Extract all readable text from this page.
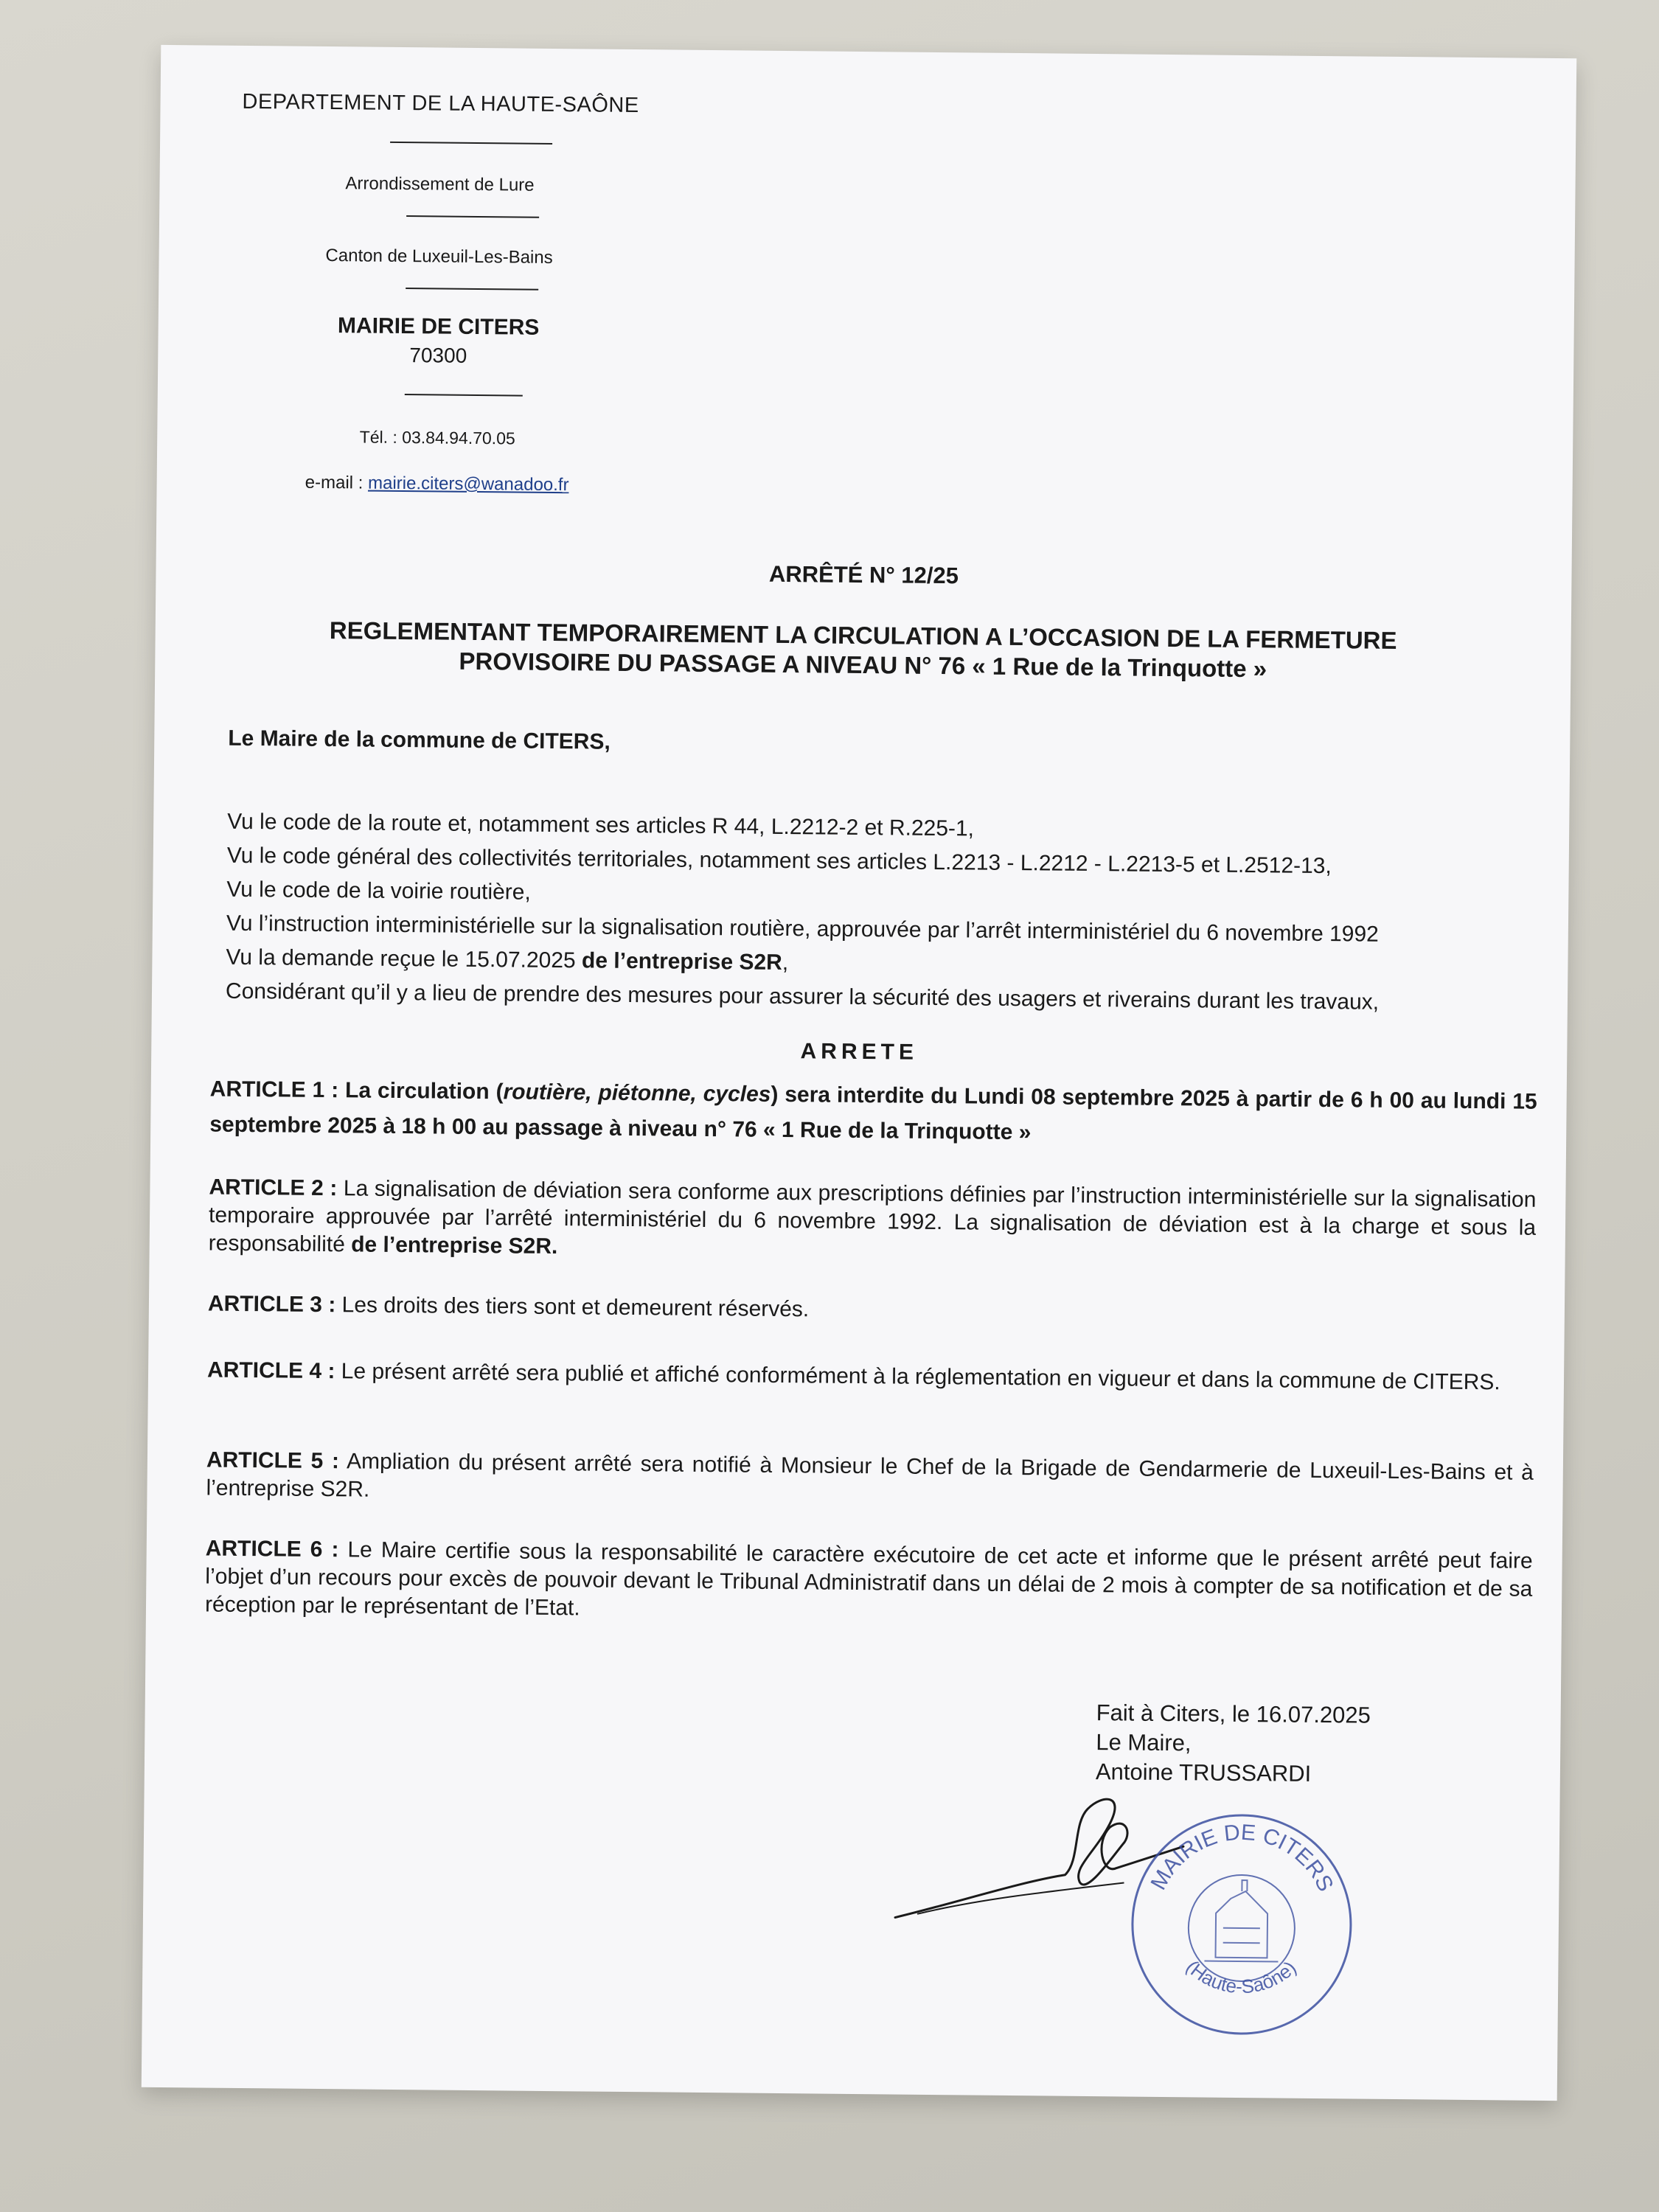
DEPARTEMENT DE LA HAUTE-SAÔNE
Arrondissement de Lure
Canton de Luxeuil-Les-Bains
MAIRIE DE CITERS
70300
Tél. : 03.84.94.70.05
e-mail : mairie.citers@wanadoo.fr
ARRÊTÉ N° 12/25
REGLEMENTANT TEMPORAIREMENT LA CIRCULATION A L’OCCASION DE LA FERMETURE
PROVISOIRE DU PASSAGE A NIVEAU N° 76 « 1 Rue de la Trinquotte »
Le Maire de la commune de CITERS,
Vu le code de la route et, notamment ses articles R 44, L.2212-2 et R.225-1,
Vu le code général des collectivités territoriales, notamment ses articles L.2213 - L.2212 - L.2213-5 et L.2512-13,
Vu le code de la voirie routière,
Vu l’instruction interministérielle sur la signalisation routière, approuvée par l’arrêt interministériel du 6 novembre 1992
Vu la demande reçue le 15.07.2025 de l’entreprise S2R,
Considérant qu’il y a lieu de prendre des mesures pour assurer la sécurité des usagers et riverains durant les travaux,
ARRETE
ARTICLE 1 : La circulation (routière, piétonne, cycles) sera interdite du Lundi 08 septembre 2025 à partir de 6 h 00 au lundi 15 septembre 2025 à 18 h 00 au passage à niveau n° 76 « 1 Rue de la Trinquotte »
ARTICLE 2 : La signalisation de déviation sera conforme aux prescriptions définies par l’instruction interministérielle sur la signalisation temporaire approuvée par l’arrêté interministériel du 6 novembre 1992. La signalisation de déviation est à la charge et sous la responsabilité de l’entreprise S2R.
ARTICLE 3 : Les droits des tiers sont et demeurent réservés.
ARTICLE 4 : Le présent arrêté sera publié et affiché conformément à la réglementation en vigueur et dans la commune de CITERS.
ARTICLE 5 : Ampliation du présent arrêté sera notifié à Monsieur le Chef de la Brigade de Gendarmerie de Luxeuil-Les-Bains et à l’entreprise S2R.
ARTICLE 6 : Le Maire certifie sous la responsabilité le caractère exécutoire de cet acte et informe que le présent arrêté peut faire l’objet d’un recours pour excès de pouvoir devant le Tribunal Administratif dans un délai de 2 mois à compter de sa notification et de sa réception par le représentant de l’Etat.
Fait à Citers, le 16.07.2025
Le Maire,
Antoine TRUSSARDI
MAIRIE DE CITERS
(Haute-Saône)
